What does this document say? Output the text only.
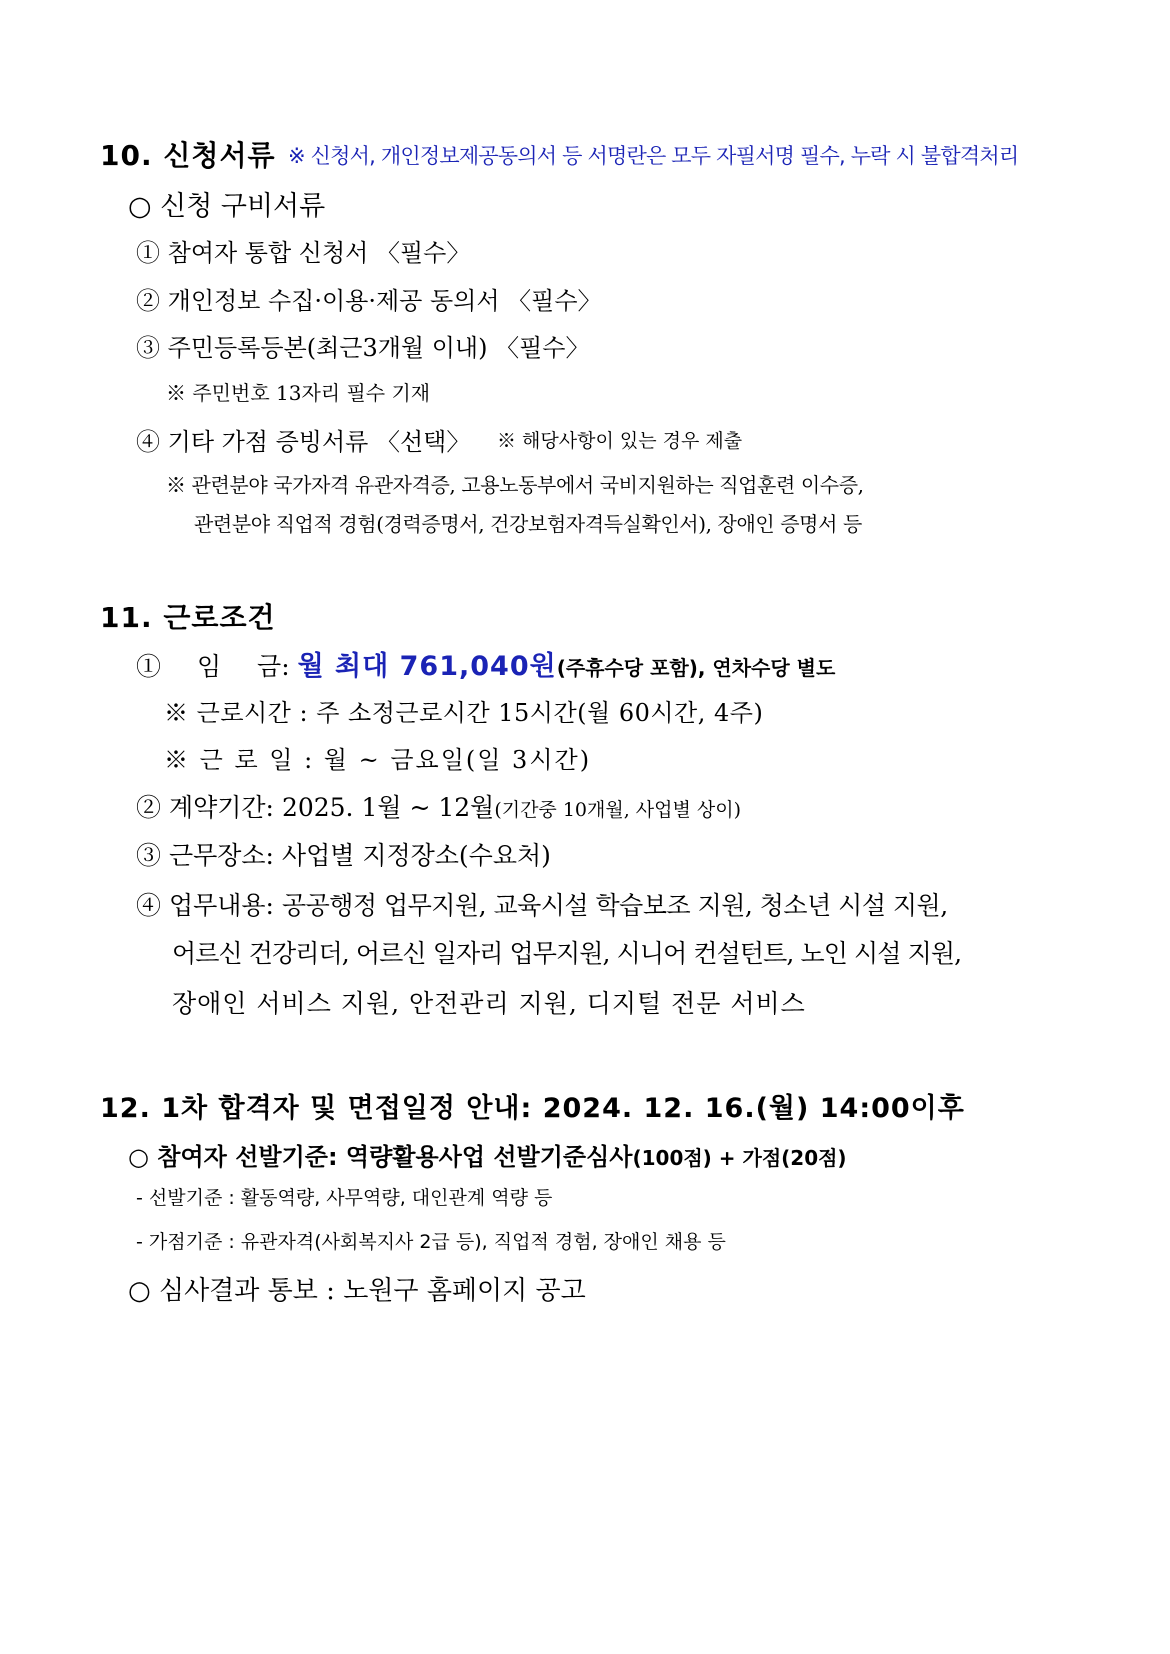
10. 신청서류 ※ 신청서, 개인정보제공동의서 등 서명란은 모두 자필서명 필수, 누락 시 불합격처리
○ 신청 구비서류
① 참여자 통합 신청서 〈필수〉
② 개인정보 수집·이용·제공 동의서 〈필수〉
③ 주민등록등본(최근3개월 이내) 〈필수〉
※ 주민번호 13자리 필수 기재
④ 기타 가점 증빙서류 〈선택〉 ※ 해당사항이 있는 경우 제출
※ 관련분야 국가자격 유관자격증, 고용노동부에서 국비지원하는 직업훈련 이수증,
관련분야 직업적 경험(경력증명서, 건강보험자격득실확인서), 장애인 증명서 등
11. 근로조건
① 임 금: 월 최대 761,040원(주휴수당 포함), 연차수당 별도
※ 근로시간 : 주 소정근로시간 15시간(월 60시간, 4주)
※ 근 로 일 : 월 ~ 금요일(일 3시간)
② 계약기간: 2025. 1월 ~ 12월(기간중 10개월, 사업별 상이)
③ 근무장소: 사업별 지정장소(수요처)
④ 업무내용: 공공행정 업무지원, 교육시설 학습보조 지원, 청소년 시설 지원,
어르신 건강리더, 어르신 일자리 업무지원, 시니어 컨설턴트, 노인 시설 지원,
장애인 서비스 지원, 안전관리 지원, 디지털 전문 서비스
12. 1차 합격자 및 면접일정 안내: 2024. 12. 16.(월) 14:00이후
○ 참여자 선발기준: 역량활용사업 선발기준심사(100점) + 가점(20점)
- 선발기준 : 활동역량, 사무역량, 대인관계 역량 등
- 가점기준 : 유관자격(사회복지사 2급 등), 직업적 경험, 장애인 채용 등
○ 심사결과 통보 : 노원구 홈페이지 공고
